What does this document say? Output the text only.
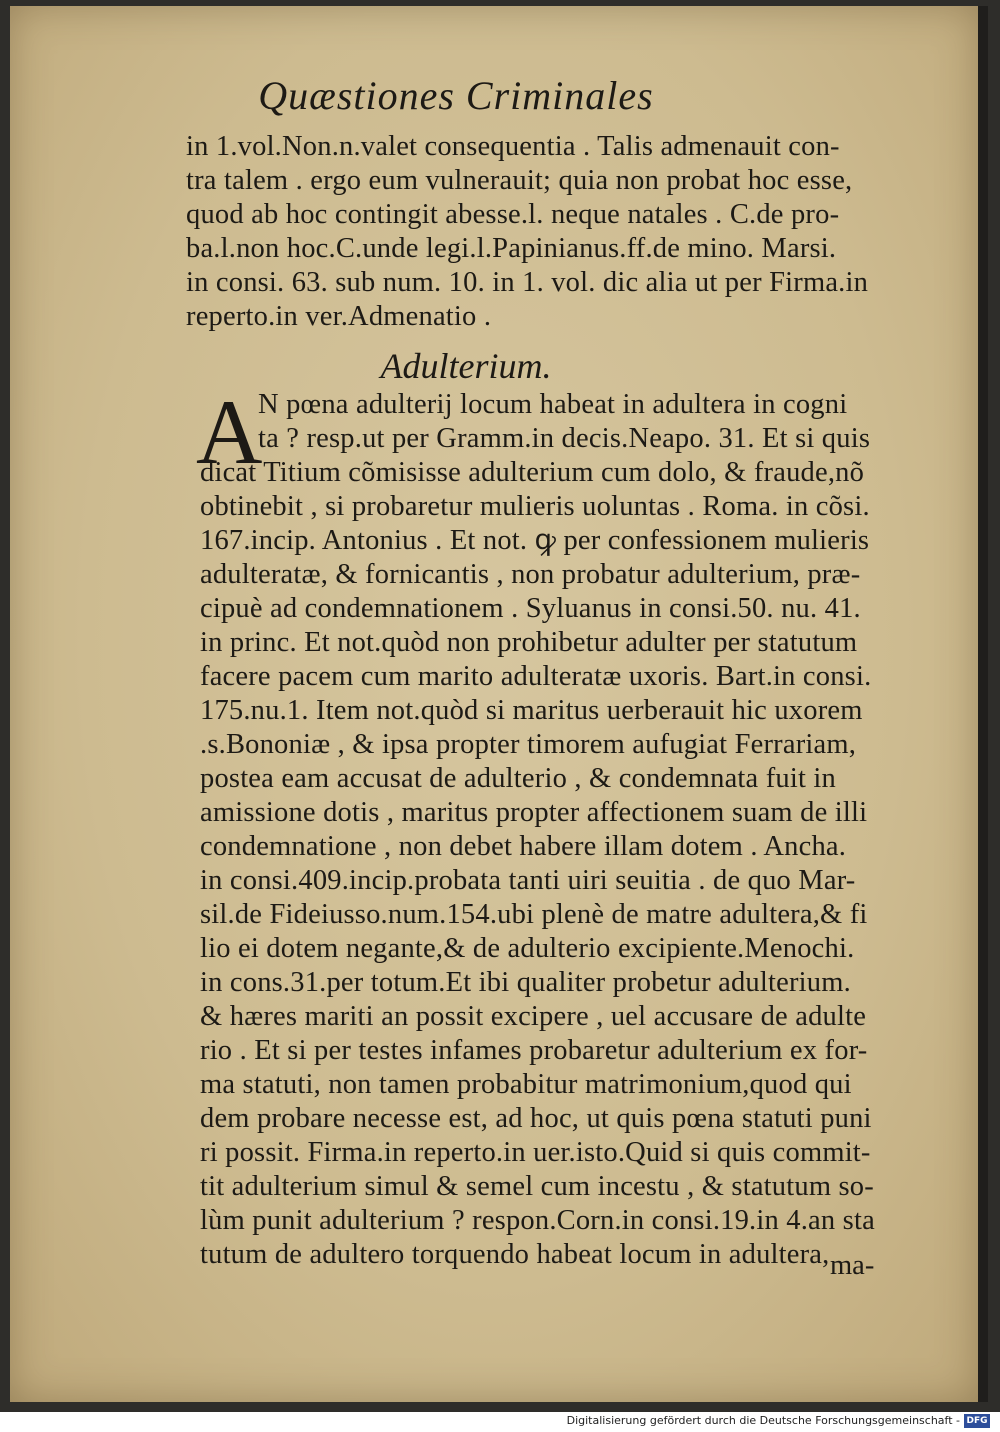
Quæstiones Criminales
in 1.vol.Non.n.valet consequentia . Talis admenauit con-
tra talem . ergo eum vulnerauit; quia non probat hoc esse,
quod ab hoc contingit abesse.l. neque natales . C.de pro-
ba.l.non hoc.C.unde legi.l.Papinianus.ff.de mino. Marsi.
in consi. 63. sub num. 10. in 1. vol. dic alia ut per Firma.in
reperto.in ver.Admenatio .
Adulterium.
A
N pœna adulterij locum habeat in adultera in cogni
ta ? resp.ut per Gramm.in decis.Neapo. 31. Et si quis
dicat Titium cõmisisse adulterium cum dolo, & fraude,nõ
obtinebit , si probaretur mulieris uoluntas . Roma. in cõsi.
167.incip. Antonius . Et not. ꝙ per confessionem mulieris
adulteratæ, & fornicantis , non probatur adulterium, præ-
cipuè ad condemnationem . Syluanus in consi.50. nu. 41.
in princ. Et not.quòd non prohibetur adulter per statutum
facere pacem cum marito adulteratæ uxoris. Bart.in consi.
175.nu.1. Item not.quòd si maritus uerberauit hic uxorem
.s.Bononiæ , & ipsa propter timorem aufugiat Ferrariam,
postea eam accusat de adulterio , & condemnata fuit in
amissione dotis , maritus propter affectionem suam de illi
condemnatione , non debet habere illam dotem . Ancha.
in consi.409.incip.probata tanti uiri seuitia . de quo Mar-
sil.de Fideiusso.num.154.ubi plenè de matre adultera,& fi
lio ei dotem negante,& de adulterio excipiente.Menochi.
in cons.31.per totum.Et ibi qualiter probetur adulterium.
& hæres mariti an possit excipere , uel accusare de adulte
rio . Et si per testes infames probaretur adulterium ex for-
ma statuti, non tamen probabitur matrimonium,quod qui
dem probare necesse est, ad hoc, ut quis pœna statuti puni
ri possit. Firma.in reperto.in uer.isto.Quid si quis commit-
tit adulterium simul & semel cum incestu , & statutum so-
lùm punit adulterium ? respon.Corn.in consi.19.in 4.an sta
tutum de adultero torquendo habeat locum in adultera, ma-
Digitalisierung gefördert durch die Deutsche Forschungsgemeinschaft - DFG
